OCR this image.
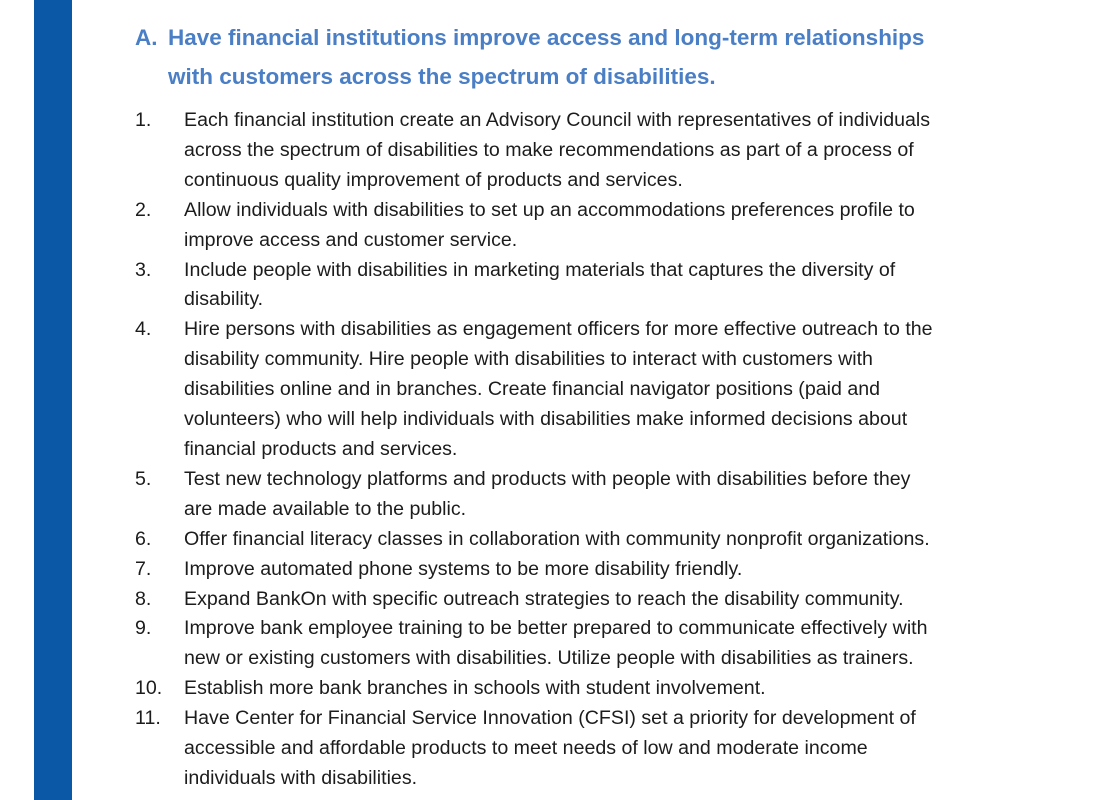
A. Have financial institutions improve access and long-term relationships
with customers across the spectrum of disabilities.
1.	Each financial institution create an Advisory Council with representatives of individuals
across the spectrum of disabilities to make recommendations as part of a process of
continuous quality improvement of products and services.
2.	Allow individuals with disabilities to set up an accommodations preferences profile to
improve access and customer service.
3.	Include people with disabilities in marketing materials that captures the diversity of
disability.
4.	Hire persons with disabilities as engagement officers for more effective outreach to the
disability community. Hire people with disabilities to interact with customers with
disabilities online and in branches. Create financial navigator positions (paid and
volunteers) who will help individuals with disabilities make informed decisions about
financial products and services.
5.	Test new technology platforms and products with people with disabilities before they
are made available to the public.
6.	Offer financial literacy classes in collaboration with community nonprofit organizations.
7.	Improve automated phone systems to be more disability friendly.
8.	Expand BankOn with specific outreach strategies to reach the disability community.
9.	Improve bank employee training to be better prepared to communicate effectively with
new or existing customers with disabilities. Utilize people with disabilities as trainers.
10.	Establish more bank branches in schools with student involvement.
11.	Have Center for Financial Service Innovation (CFSI) set a priority for development of
accessible and affordable products to meet needs of low and moderate income
individuals with disabilities.
